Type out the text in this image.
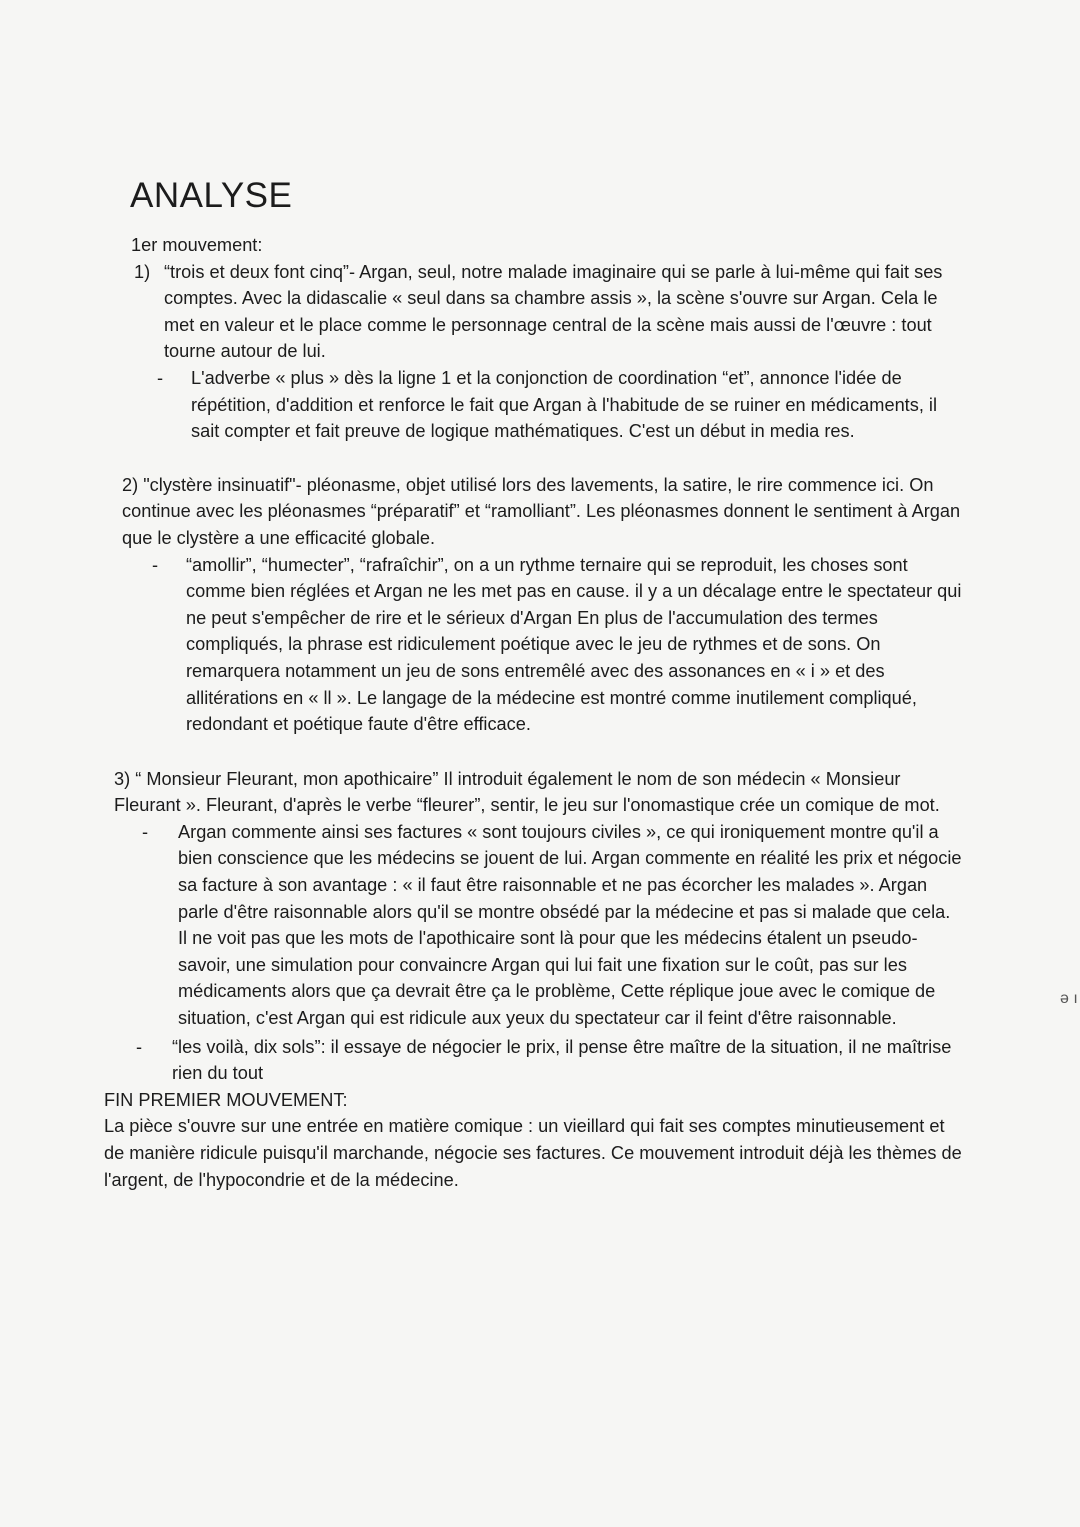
ANALYSE
1er mouvement:
1) “trois et deux font cinq”- Argan, seul, notre malade imaginaire qui se parle à lui-même qui fait ses comptes. Avec la didascalie « seul dans sa chambre assis », la scène s'ouvre sur Argan. Cela le met en valeur et le place comme le personnage central de la scène mais aussi de l'œuvre : tout tourne autour de lui.
- L'adverbe « plus » dès la ligne 1 et la conjonction de coordination “et”, annonce l'idée de répétition, d'addition et renforce le fait que Argan à l'habitude de se ruiner en médicaments, il sait compter et fait preuve de logique mathématiques. C'est un début in media res.
2) "clystère insinuatif"- pléonasme, objet utilisé lors des lavements, la satire, le rire commence ici. On continue avec les pléonasmes “préparatif” et “ramolliant”. Les pléonasmes donnent le sentiment à Argan que le clystère a une efficacité globale.
- “amollir”, “humecter”, “rafraîchir”, on a un rythme ternaire qui se reproduit, les choses sont comme bien réglées et Argan ne les met pas en cause. il y a un décalage entre le spectateur qui ne peut s'empêcher de rire et le sérieux d'Argan En plus de l'accumulation des termes compliqués, la phrase est ridiculement poétique avec le jeu de rythmes et de sons. On remarquera notamment un jeu de sons entremêlé avec des assonances en « i » et des allitérations en « ll ». Le langage de la médecine est montré comme inutilement compliqué, redondant et poétique faute d'être efficace.
3) “ Monsieur Fleurant, mon apothicaire” Il introduit également le nom de son médecin « Monsieur Fleurant ». Fleurant, d'après le verbe “fleurer”, sentir, le jeu sur l'onomastique crée un comique de mot.
- Argan commente ainsi ses factures « sont toujours civiles », ce qui ironiquement montre qu'il a bien conscience que les médecins se jouent de lui. Argan commente en réalité les prix et négocie sa facture à son avantage : « il faut être raisonnable et ne pas écorcher les malades ». Argan parle d'être raisonnable alors qu'il se montre obsédé par la médecine et pas si malade que cela. Il ne voit pas que les mots de l'apothicaire sont là pour que les médecins étalent un pseudo-savoir, une simulation pour convaincre Argan qui lui fait une fixation sur le coût, pas sur les médicaments alors que ça devrait être ça le problème, Cette réplique joue avec le comique de situation, c'est Argan qui est ridicule aux yeux du spectateur car il feint d'être raisonnable.
- “les voilà, dix sols”: il essaye de négocier le prix, il pense être maître de la situation, il ne maîtrise rien du tout
FIN PREMIER MOUVEMENT:
La pièce s'ouvre sur une entrée en matière comique : un vieillard qui fait ses comptes minutieusement et de manière ridicule puisqu'il marchande, négocie ses factures. Ce mouvement introduit déjà les thèmes de l'argent, de l'hypocondrie et de la médecine.
ə ı
